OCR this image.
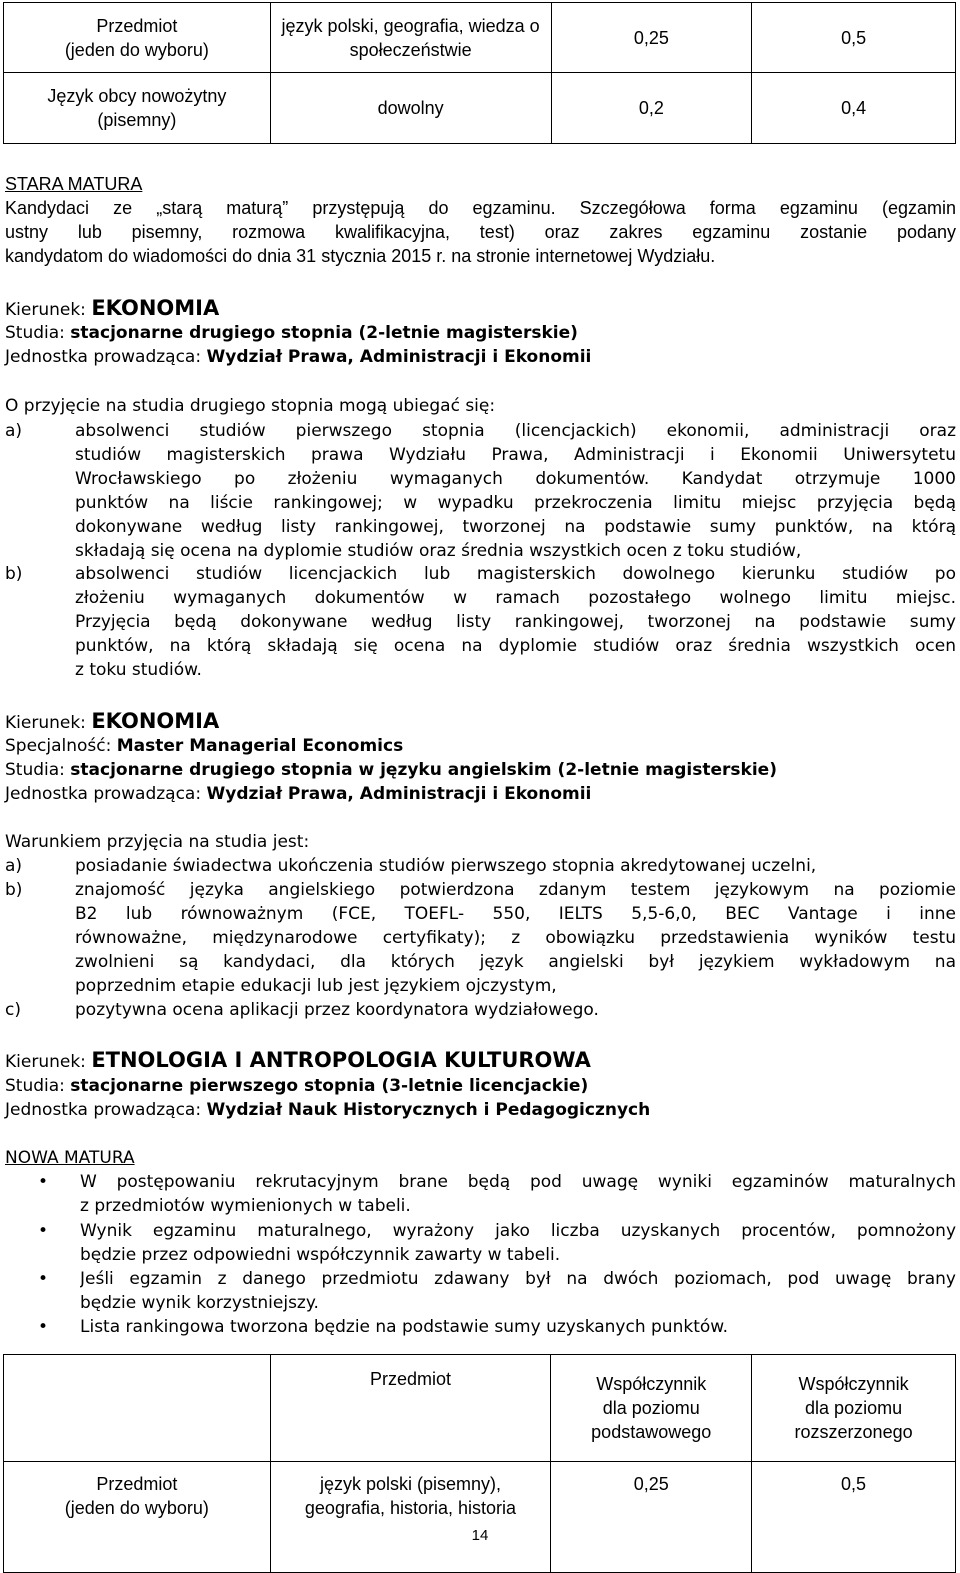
Przedmiot
(jeden do wyboru)	język polski, geografia, wiedza o
społeczeństwie	0,25	0,5
Język obcy nowożytny
(pisemny)	dowolny	0,2	0,4
STARA MATURA
Kandydaci ze „starą maturą” przystępują do egzaminu. Szczegółowa forma egzaminu (egzamin
ustny lub pisemny, rozmowa kwalifikacyjna, test) oraz zakres egzaminu zostanie podany
kandydatom do wiadomości do dnia 31 stycznia 2015 r. na stronie internetowej Wydziału.
Kierunek: EKONOMIA
Studia: stacjonarne drugiego stopnia (2-letnie magisterskie)
Jednostka prowadząca: Wydział Prawa, Administracji i Ekonomii
O przyjęcie na studia drugiego stopnia mogą ubiegać się:
a)	absolwenci studiów pierwszego stopnia (licencjackich) ekonomii, administracji oraz
studiów magisterskich prawa Wydziału Prawa, Administracji i Ekonomii Uniwersytetu
Wrocławskiego po złożeniu wymaganych dokumentów. Kandydat otrzymuje 1000
punktów na liście rankingowej; w wypadku przekroczenia limitu miejsc przyjęcia będą
dokonywane według listy rankingowej, tworzonej na podstawie sumy punktów, na którą
składają się ocena na dyplomie studiów oraz średnia wszystkich ocen z toku studiów,
b)	absolwenci studiów licencjackich lub magisterskich dowolnego kierunku studiów po
złożeniu wymaganych dokumentów w ramach pozostałego wolnego limitu miejsc.
Przyjęcia będą dokonywane według listy rankingowej, tworzonej na podstawie sumy
punktów, na którą składają się ocena na dyplomie studiów oraz średnia wszystkich ocen
z toku studiów.
Kierunek: EKONOMIA
Specjalność: Master Managerial Economics
Studia: stacjonarne drugiego stopnia w języku angielskim (2-letnie magisterskie)
Jednostka prowadząca: Wydział Prawa, Administracji i Ekonomii
Warunkiem przyjęcia na studia jest:
a)	posiadanie świadectwa ukończenia studiów pierwszego stopnia akredytowanej uczelni,
b)	znajomość języka angielskiego potwierdzona zdanym testem językowym na poziomie
B2 lub równoważnym (FCE, TOEFL- 550, IELTS 5,5-6,0, BEC Vantage i inne
równoważne, międzynarodowe certyfikaty); z obowiązku przedstawienia wyników testu
zwolnieni są kandydaci, dla których język angielski był językiem wykładowym na
poprzednim etapie edukacji lub jest językiem ojczystym,
c)	pozytywna ocena aplikacji przez koordynatora wydziałowego.
Kierunek: ETNOLOGIA I ANTROPOLOGIA KULTUROWA
Studia: stacjonarne pierwszego stopnia (3-letnie licencjackie)
Jednostka prowadząca: Wydział Nauk Historycznych i Pedagogicznych
NOWA MATURA
• W postępowaniu rekrutacyjnym brane będą pod uwagę wyniki egzaminów maturalnych
z przedmiotów wymienionych w tabeli.
• Wynik egzaminu maturalnego, wyrażony jako liczba uzyskanych procentów, pomnożony
będzie przez odpowiedni współczynnik zawarty w tabeli.
• Jeśli egzamin z danego przedmiotu zdawany był na dwóch poziomach, pod uwagę brany
będzie wynik korzystniejszy.
• Lista rankingowa tworzona będzie na podstawie sumy uzyskanych punktów.
	Przedmiot	Współczynnik
dla poziomu
podstawowego	Współczynnik
dla poziomu
rozszerzonego
Przedmiot
(jeden do wyboru)	język polski (pisemny),
geografia, historia, historia	0,25	0,5
14
